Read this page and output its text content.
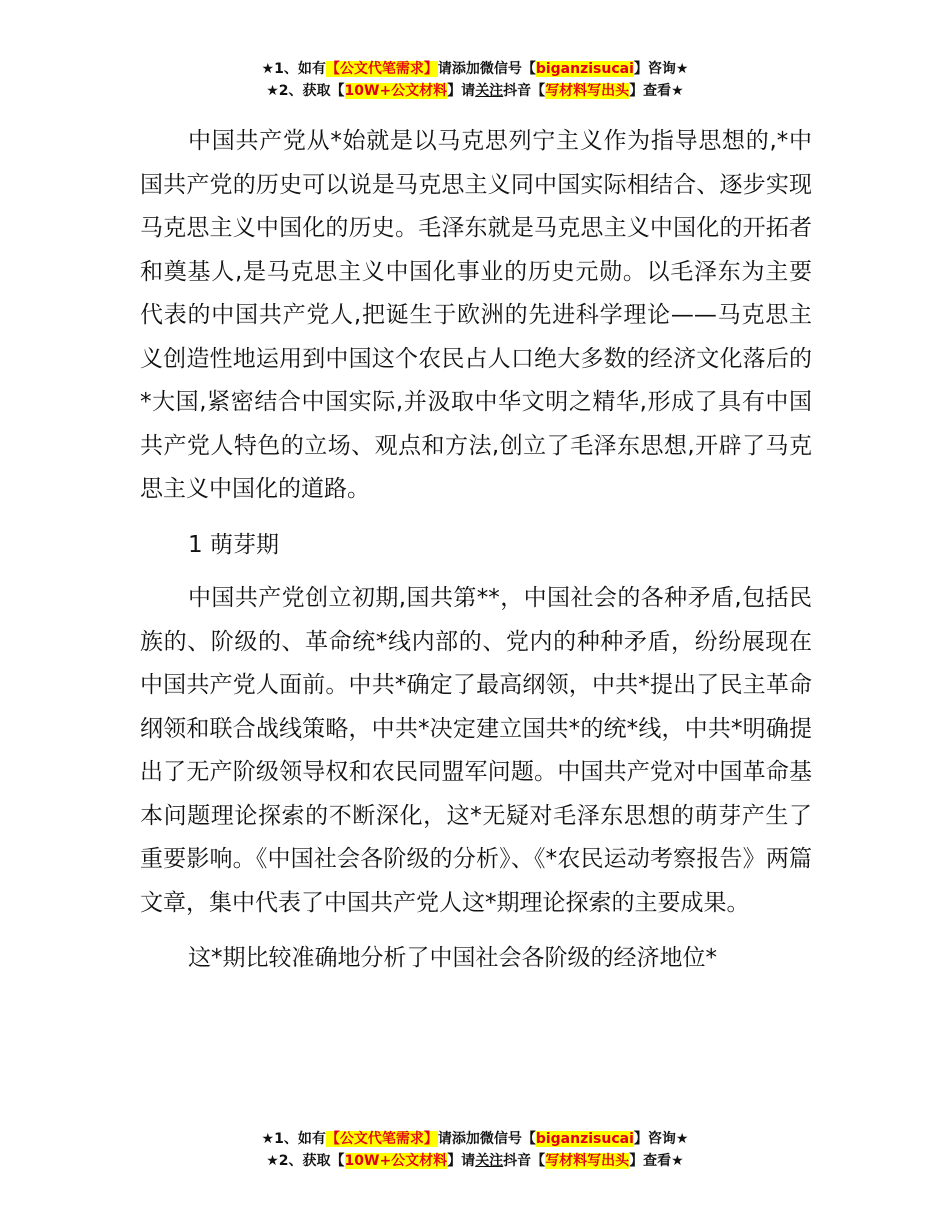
★1、如有【公文代笔需求】请添加微信号【biganzisucai】咨询★
★2、获取【10W+公文材料】请关注抖音【写材料写出头】查看★

中国共产党从*始就是以马克思列宁主义作为指导思想的,*中国共产党的历史可以说是马克思主义同中国实际相结合、逐步实现马克思主义中国化的历史。毛泽东就是马克思主义中国化的开拓者和奠基人,是马克思主义中国化事业的历史元勋。以毛泽东为主要代表的中国共产党人,把诞生于欧洲的先进科学理论——马克思主义创造性地运用到中国这个农民占人口绝大多数的经济文化落后的*大国,紧密结合中国实际,并汲取中华文明之精华,形成了具有中国共产党人特色的立场、观点和方法,创立了毛泽东思想,开辟了马克思主义中国化的道路。

1 萌芽期

中国共产党创立初期,国共第**，中国社会的各种矛盾,包括民族的、阶级的、革命统*线内部的、党内的种种矛盾，纷纷展现在中国共产党人面前。中共*确定了最高纲领，中共*提出了民主革命纲领和联合战线策略，中共*决定建立国共*的统*线，中共*明确提出了无产阶级领导权和农民同盟军问题。中国共产党对中国革命基本问题理论探索的不断深化，这*无疑对毛泽东思想的萌芽产生了重要影响。《中国社会各阶级的分析》、《*农民运动考察报告》两篇文章，集中代表了中国共产党人这*期理论探索的主要成果。

这*期比较准确地分析了中国社会各阶级的经济地位*

★1、如有【公文代笔需求】请添加微信号【biganzisucai】咨询★
★2、获取【10W+公文材料】请关注抖音【写材料写出头】查看★
